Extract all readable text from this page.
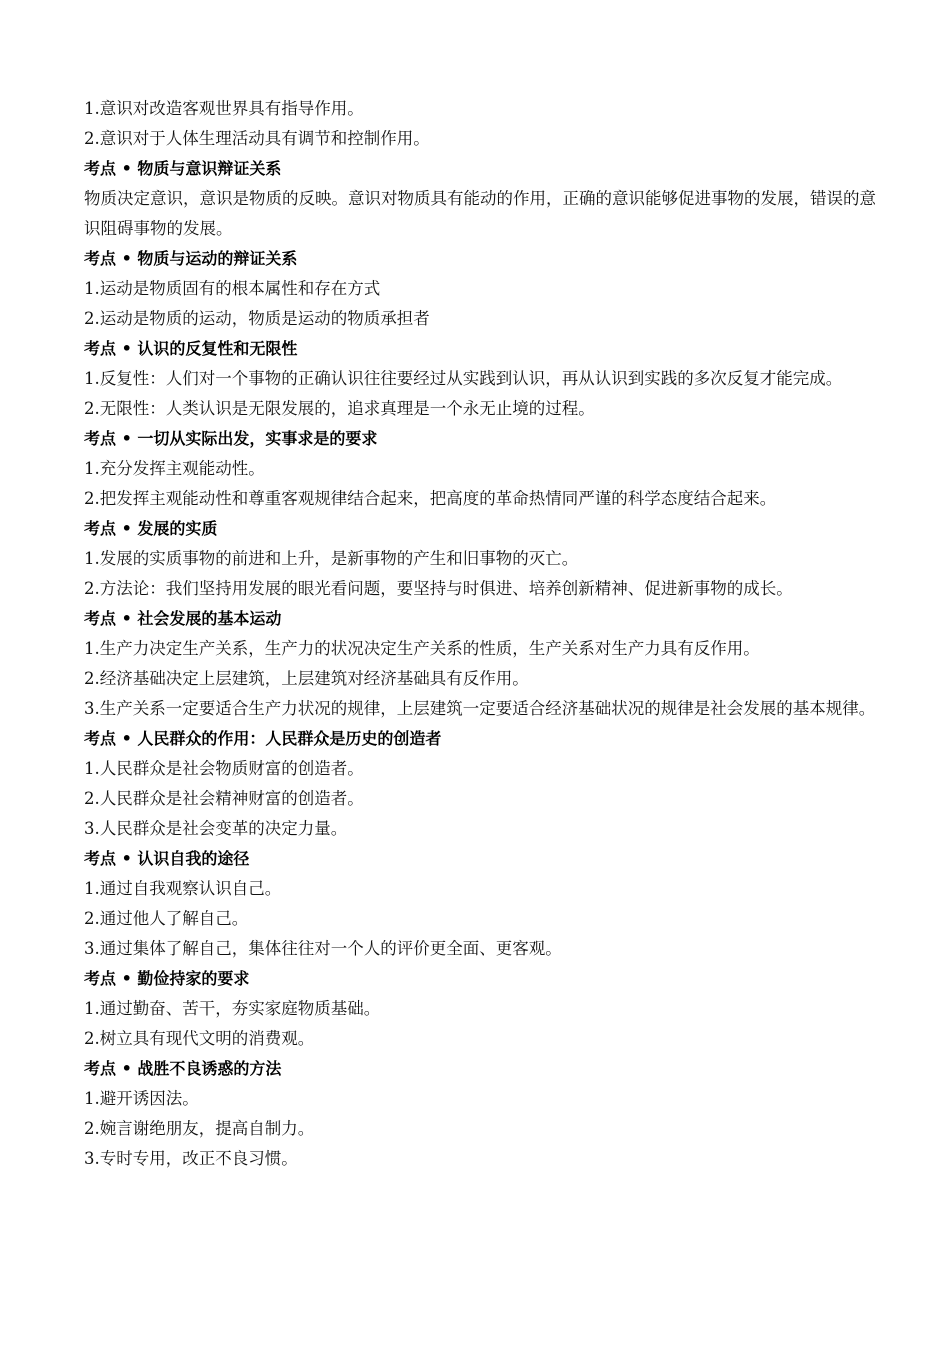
1.意识对改造客观世界具有指导作用。

2.意识对于人体生理活动具有调节和控制作用。

考点 • 物质与意识辩证关系

物质决定意识，意识是物质的反映。意识对物质具有能动的作用，正确的意识能够促进事物的发展，错误的意识阻碍事物的发展。

考点 • 物质与运动的辩证关系

1.运动是物质固有的根本属性和存在方式

2.运动是物质的运动，物质是运动的物质承担者

考点 • 认识的反复性和无限性

1.反复性：人们对一个事物的正确认识往往要经过从实践到认识，再从认识到实践的多次反复才能完成。

2.无限性：人类认识是无限发展的，追求真理是一个永无止境的过程。

考点 • 一切从实际出发，实事求是的要求

1.充分发挥主观能动性。

2.把发挥主观能动性和尊重客观规律结合起来，把高度的革命热情同严谨的科学态度结合起来。

考点 • 发展的实质

1.发展的实质事物的前进和上升，是新事物的产生和旧事物的灭亡。

2.方法论：我们坚持用发展的眼光看问题，要坚持与时俱进、培养创新精神、促进新事物的成长。

考点 • 社会发展的基本运动

1.生产力决定生产关系，生产力的状况决定生产关系的性质，生产关系对生产力具有反作用。

2.经济基础决定上层建筑，上层建筑对经济基础具有反作用。

3.生产关系一定要适合生产力状况的规律，上层建筑一定要适合经济基础状况的规律是社会发展的基本规律。

考点 • 人民群众的作用：人民群众是历史的创造者

1.人民群众是社会物质财富的创造者。

2.人民群众是社会精神财富的创造者。

3.人民群众是社会变革的决定力量。

考点 • 认识自我的途径

1.通过自我观察认识自己。

2.通过他人了解自己。

3.通过集体了解自己，集体往往对一个人的评价更全面、更客观。

考点 • 勤俭持家的要求

1.通过勤奋、苦干，夯实家庭物质基础。

2.树立具有现代文明的消费观。

考点 • 战胜不良诱惑的方法

1.避开诱因法。

2.婉言谢绝朋友，提高自制力。

3.专时专用，改正不良习惯。
